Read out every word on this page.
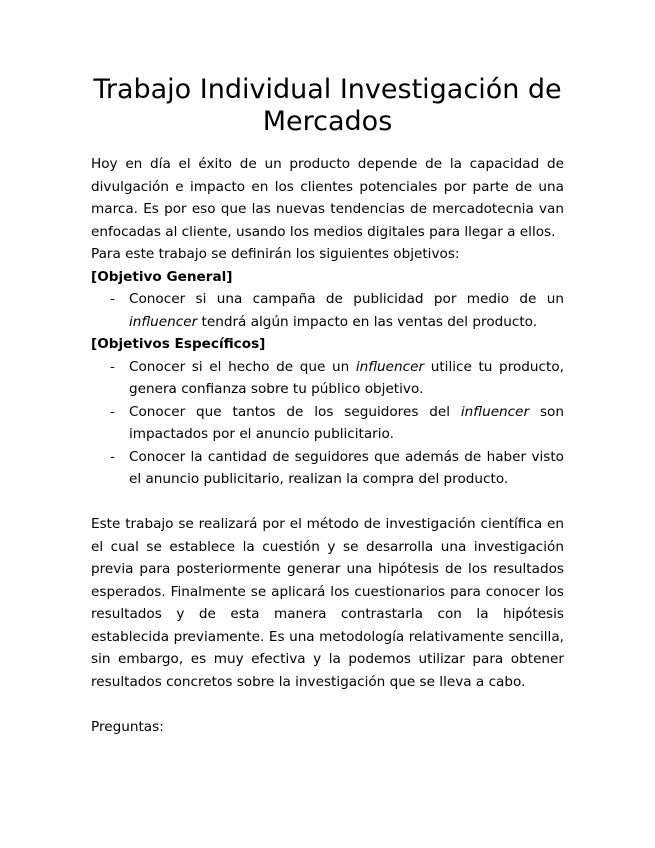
Trabajo Individual Investigación de Mercados

Hoy en día el éxito de un producto depende de la capacidad de divulgación e impacto en los clientes potenciales por parte de una marca. Es por eso que las nuevas tendencias de mercadotecnia van enfocadas al cliente, usando los medios digitales para llegar a ellos.

Para este trabajo se definirán los siguientes objetivos:

[Objetivo General]

- Conocer si una campaña de publicidad por medio de un influencer tendrá algún impacto en las ventas del producto.

[Objetivos Específicos]

- Conocer si el hecho de que un influencer utilice tu producto, genera confianza sobre tu público objetivo.
- Conocer que tantos de los seguidores del influencer son impactados por el anuncio publicitario.
- Conocer la cantidad de seguidores que además de haber visto el anuncio publicitario, realizan la compra del producto.

Este trabajo se realizará por el método de investigación científica en el cual se establece la cuestión y se desarrolla una investigación previa para posteriormente generar una hipótesis de los resultados esperados. Finalmente se aplicará los cuestionarios para conocer los resultados y de esta manera contrastarla con la hipótesis establecida previamente. Es una metodología relativamente sencilla, sin embargo, es muy efectiva y la podemos utilizar para obtener resultados concretos sobre la investigación que se lleva a cabo.

Preguntas:
